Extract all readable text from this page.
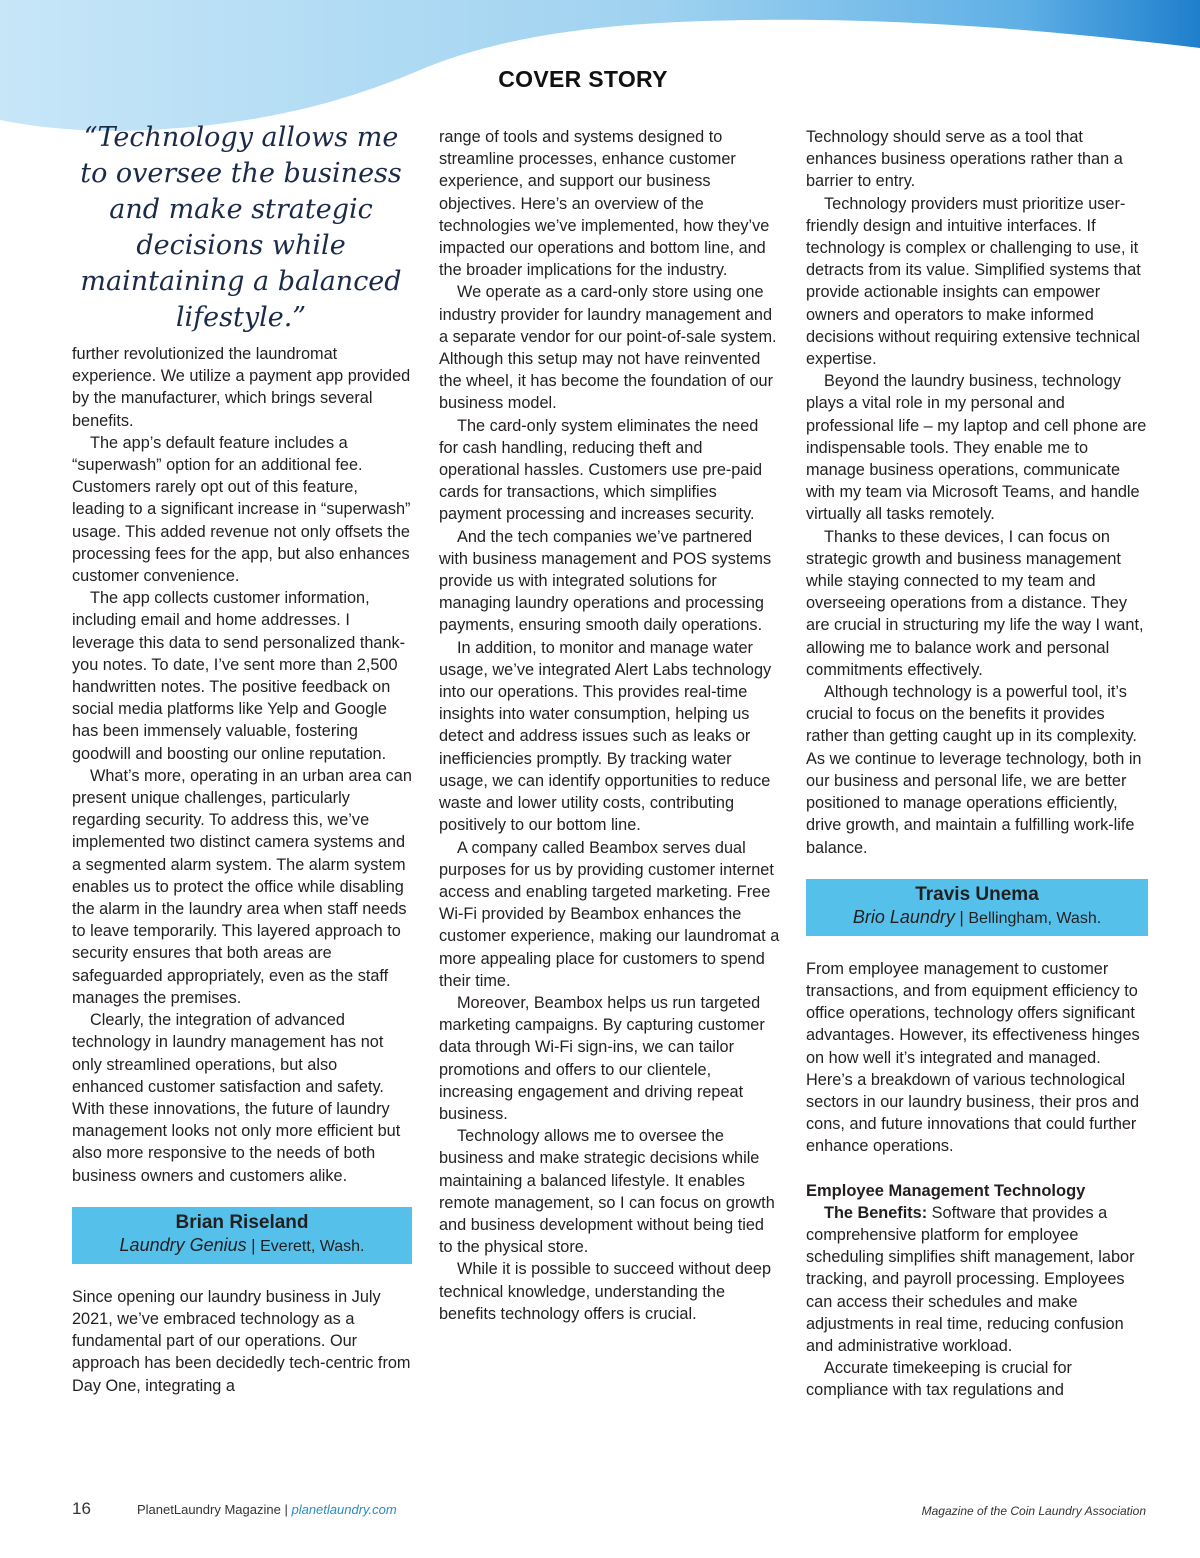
COVER STORY
“Technology allows me to oversee the business and make strategic decisions while maintaining a balanced lifestyle.”

further revolutionized the laundromat experience. We utilize a payment app provided by the manufacturer, which brings several benefits.

The app’s default feature includes a “superwash” option for an additional fee. Customers rarely opt out of this feature, leading to a significant increase in “superwash” usage. This added revenue not only offsets the processing fees for the app, but also enhances customer convenience.

The app collects customer information, including email and home addresses. I leverage this data to send personalized thank-you notes. To date, I’ve sent more than 2,500 handwritten notes. The positive feedback on social media platforms like Yelp and Google has been immensely valuable, fostering goodwill and boosting our online reputation.

What’s more, operating in an urban area can present unique challenges, particularly regarding security. To address this, we’ve implemented two distinct camera systems and a segmented alarm system. The alarm system enables us to protect the office while disabling the alarm in the laundry area when staff needs to leave temporarily. This layered approach to security ensures that both areas are safeguarded appropriately, even as the staff manages the premises.

Clearly, the integration of advanced technology in laundry management has not only streamlined operations, but also enhanced customer satisfaction and safety. With these innovations, the future of laundry management looks not only more efficient but also more responsive to the needs of both business owners and customers alike.

Brian Riseland
Laundry Genius | Everett, Wash.

Since opening our laundry business in July 2021, we’ve embraced technology as a fundamental part of our operations. Our approach has been decidedly tech-centric from Day One, integrating a

range of tools and systems designed to streamline processes, enhance customer experience, and support our business objectives. Here’s an overview of the technologies we’ve implemented, how they’ve impacted our operations and bottom line, and the broader implications for the industry.

We operate as a card-only store using one industry provider for laundry management and a separate vendor for our point-of-sale system. Although this setup may not have reinvented the wheel, it has become the foundation of our business model.

The card-only system eliminates the need for cash handling, reducing theft and operational hassles. Customers use pre-paid cards for transactions, which simplifies payment processing and increases security.

And the tech companies we’ve partnered with business management and POS systems provide us with integrated solutions for managing laundry operations and processing payments, ensuring smooth daily operations.

In addition, to monitor and manage water usage, we’ve integrated Alert Labs technology into our operations. This provides real-time insights into water consumption, helping us detect and address issues such as leaks or inefficiencies promptly. By tracking water usage, we can identify opportunities to reduce waste and lower utility costs, contributing positively to our bottom line.

A company called Beambox serves dual purposes for us by providing customer internet access and enabling targeted marketing. Free Wi-Fi provided by Beambox enhances the customer experience, making our laundromat a more appealing place for customers to spend their time.

Moreover, Beambox helps us run targeted marketing campaigns. By capturing customer data through Wi-Fi sign-ins, we can tailor promotions and offers to our clientele, increasing engagement and driving repeat business.

Technology allows me to oversee the business and make strategic decisions while maintaining a balanced lifestyle. It enables remote management, so I can focus on growth and business development without being tied to the physical store.

While it is possible to succeed without deep technical knowledge, understanding the benefits technology offers is crucial.

Technology should serve as a tool that enhances business operations rather than a barrier to entry.

Technology providers must prioritize user-friendly design and intuitive interfaces. If technology is complex or challenging to use, it detracts from its value. Simplified systems that provide actionable insights can empower owners and operators to make informed decisions without requiring extensive technical expertise.

Beyond the laundry business, technology plays a vital role in my personal and professional life – my laptop and cell phone are indispensable tools. They enable me to manage business operations, communicate with my team via Microsoft Teams, and handle virtually all tasks remotely.

Thanks to these devices, I can focus on strategic growth and business management while staying connected to my team and overseeing operations from a distance. They are crucial in structuring my life the way I want, allowing me to balance work and personal commitments effectively.

Although technology is a powerful tool, it’s crucial to focus on the benefits it provides rather than getting caught up in its complexity. As we continue to leverage technology, both in our business and personal life, we are better positioned to manage operations efficiently, drive growth, and maintain a fulfilling work-life balance.

Travis Unema
Brio Laundry | Bellingham, Wash.

From employee management to customer transactions, and from equipment efficiency to office operations, technology offers significant advantages. However, its effectiveness hinges on how well it’s integrated and managed. Here’s a breakdown of various technological sectors in our laundry business, their pros and cons, and future innovations that could further enhance operations.

Employee Management Technology

The Benefits: Software that provides a comprehensive platform for employee scheduling simplifies shift management, labor tracking, and payroll processing. Employees can access their schedules and make adjustments in real time, reducing confusion and administrative workload.

Accurate timekeeping is crucial for compliance with tax regulations and

16	PlanetLaundry Magazine | planetlaundry.com	Magazine of the Coin Laundry Association
